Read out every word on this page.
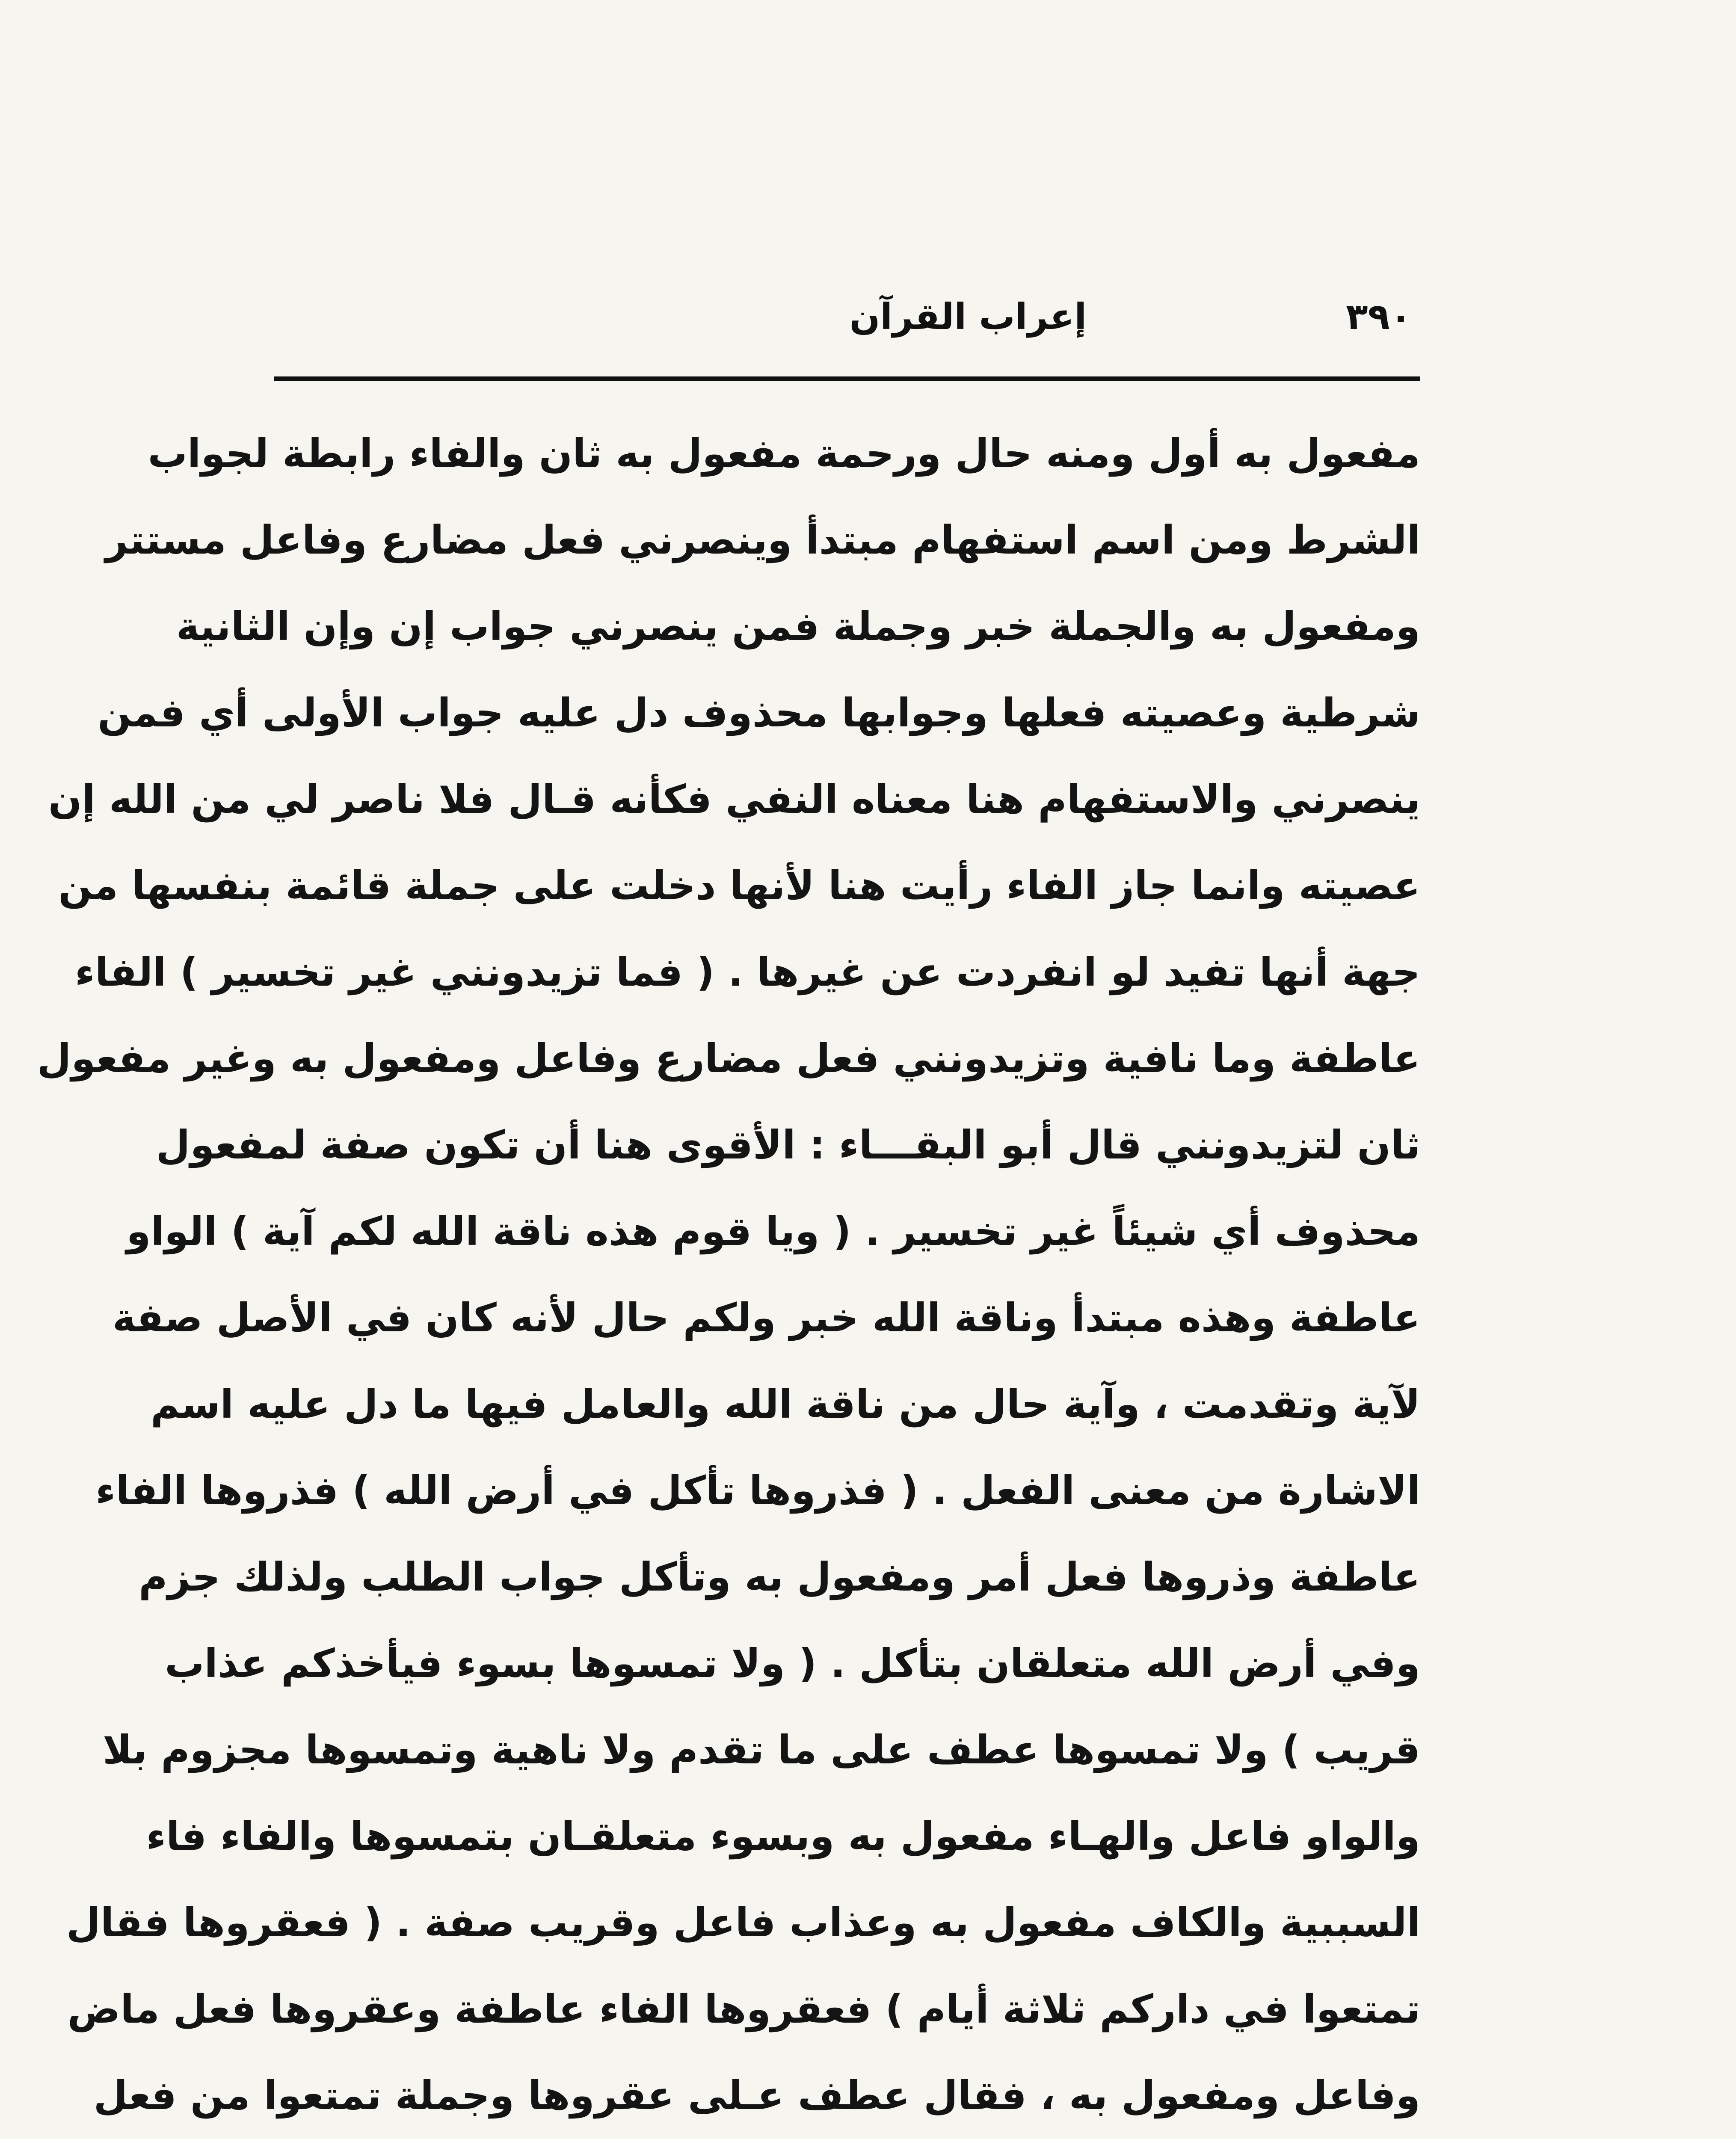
٣٩٠
إعراب القرآن
مفعول به أول ومنه حال ورحمة مفعول به ثان والفاء رابطة لجواب
الشرط ومن اسم استفهام مبتدأ وينصرني فعل مضارع وفاعل مستتر
ومفعول به والجملة خبر وجملة فمن ينصرني جواب إن وإن الثانية
شرطية وعصيته فعلها وجوابها محذوف دل عليه جواب الأولى أي فمن
ينصرني والاستفهام هنا معناه النفي فكأنه قـال فلا ناصر لي من الله إن
عصيته وانما جاز الفاء رأيت هنا لأنها دخلت على جملة قائمة بنفسها من
جهة أنها تفيد لو انفردت عن غيرها . ( فما تزيدونني غير تخسير ) الفاء
عاطفة وما نافية وتزيدونني فعل مضارع وفاعل ومفعول به وغير مفعول
ثان لتزيدونني قال أبو البقـــاء : الأقوى هنا أن تكون صفة لمفعول
محذوف أي شيئاً غير تخسير . ( ويا قوم هذه ناقة الله لكم آية ) الواو
عاطفة وهذه مبتدأ وناقة الله خبر ولكم حال لأنه كان في الأصل صفة
لآية وتقدمت ، وآية حال من ناقة الله والعامل فيها ما دل عليه اسم
الاشارة من معنى الفعل . ( فذروها تأكل في أرض الله ) فذروها الفاء
عاطفة وذروها فعل أمر ومفعول به وتأكل جواب الطلب ولذلك جزم
وفي أرض الله متعلقان بتأكل . ( ولا تمسوها بسوء فيأخذكم عذاب
قريب ) ولا تمسوها عطف على ما تقدم ولا ناهية وتمسوها مجزوم بلا
والواو فاعل والهـاء مفعول به وبسوء متعلقـان بتمسوها والفاء فاء
السببية والكاف مفعول به وعذاب فاعل وقريب صفة . ( فعقروها فقال
تمتعوا في داركم ثلاثة أيام ) فعقروها الفاء عاطفة وعقروها فعل ماض
وفاعل ومفعول به ، فقال عطف عـلى عقروها وجملة تمتعوا من فعل
